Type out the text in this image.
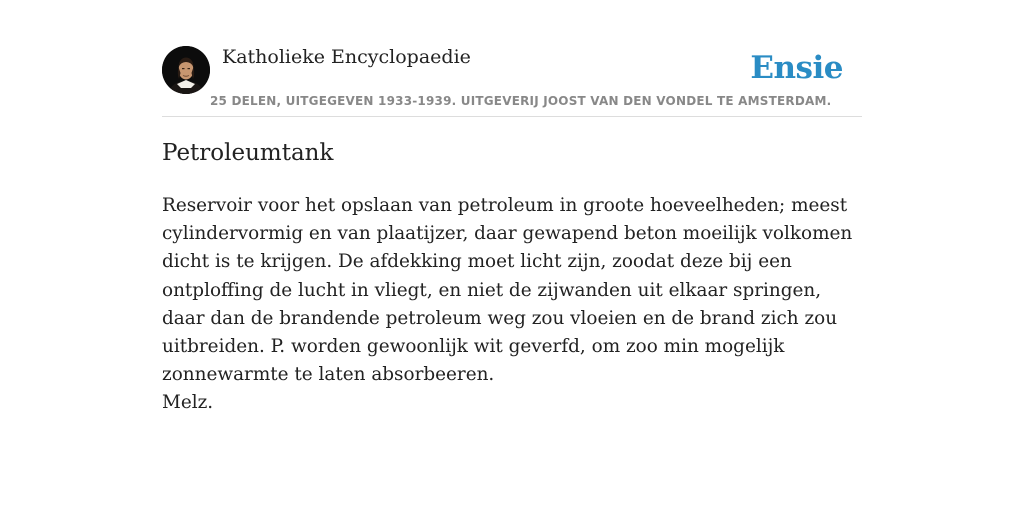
Katholieke Encyclopaedie
25 DELEN, UITGEGEVEN 1933-1939. UITGEVERIJ JOOST VAN DEN VONDEL TE AMSTERDAM.
Ensie
Petroleumtank

Reservoir voor het opslaan van petroleum in groote hoeveelheden; meest cylindervormig en van plaatijzer, daar gewapend beton moeilijk volkomen dicht is te krijgen. De afdekking moet licht zijn, zoodat deze bij een ontploffing de lucht in vliegt, en niet de zijwanden uit elkaar springen, daar dan de brandende petroleum weg zou vloeien en de brand zich zou uitbreiden. P. worden gewoonlijk wit geverfd, om zoo min mogelijk zonnewarmte te laten absorbeeren.
Melz.
